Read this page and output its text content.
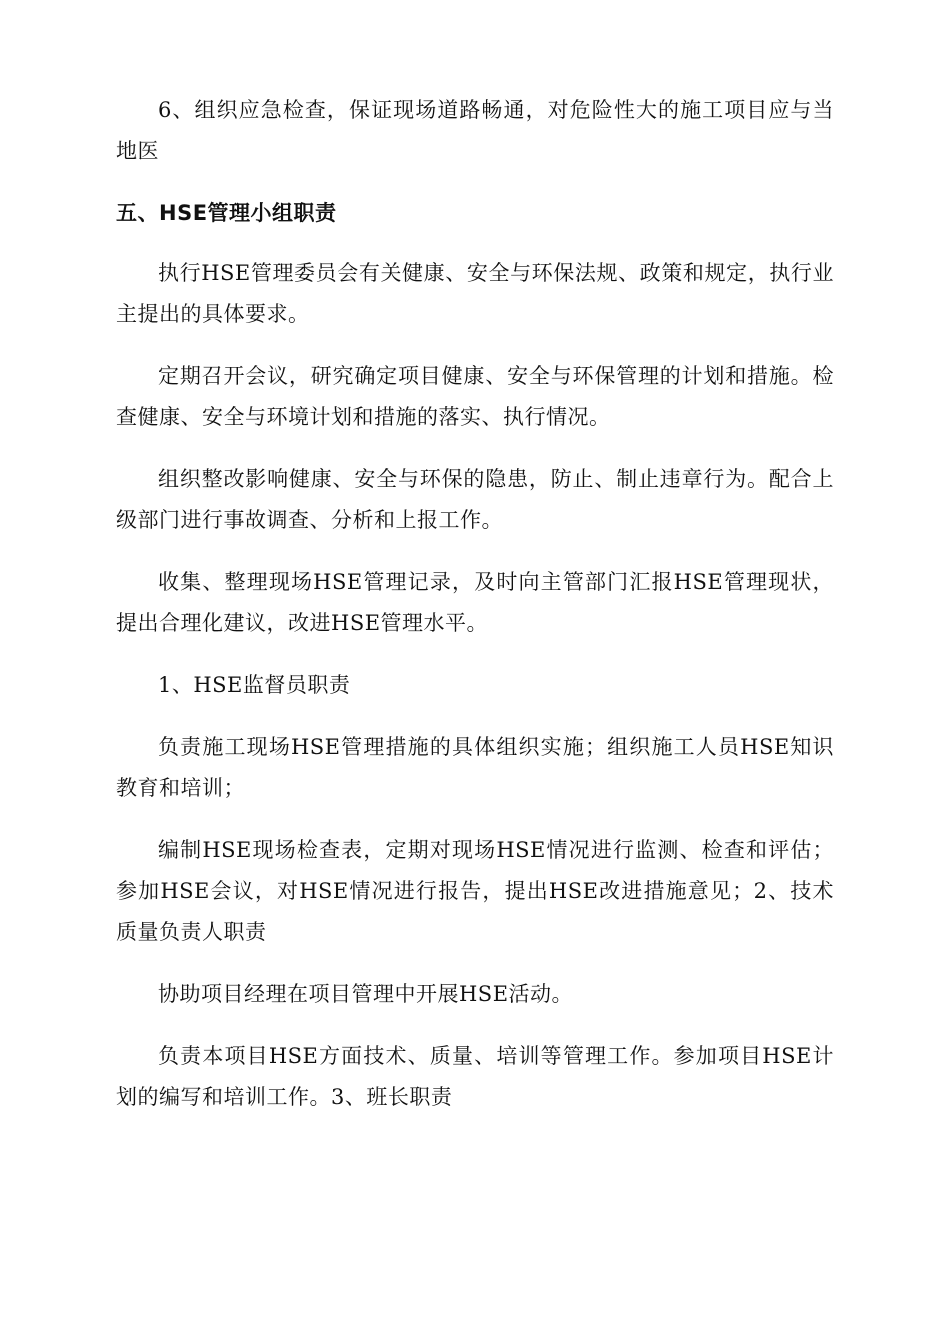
6、组织应急检查，保证现场道路畅通，对危险性大的施工项目应与当地医

五、HSE管理小组职责

执行HSE管理委员会有关健康、安全与环保法规、政策和规定，执行业主提出的具体要求。

定期召开会议，研究确定项目健康、安全与环保管理的计划和措施。检查健康、安全与环境计划和措施的落实、执行情况。

组织整改影响健康、安全与环保的隐患，防止、制止违章行为。配合上级部门进行事故调查、分析和上报工作。

收集、整理现场HSE管理记录，及时向主管部门汇报HSE管理现状，提出合理化建议，改进HSE管理水平。

1、HSE监督员职责

负责施工现场HSE管理措施的具体组织实施；组织施工人员HSE知识教育和培训；

编制HSE现场检查表，定期对现场HSE情况进行监测、检查和评估；参加HSE会议，对HSE情况进行报告，提出HSE改进措施意见；2、技术质量负责人职责

协助项目经理在项目管理中开展HSE活动。

负责本项目HSE方面技术、质量、培训等管理工作。参加项目HSE计划的编写和培训工作。3、班长职责
